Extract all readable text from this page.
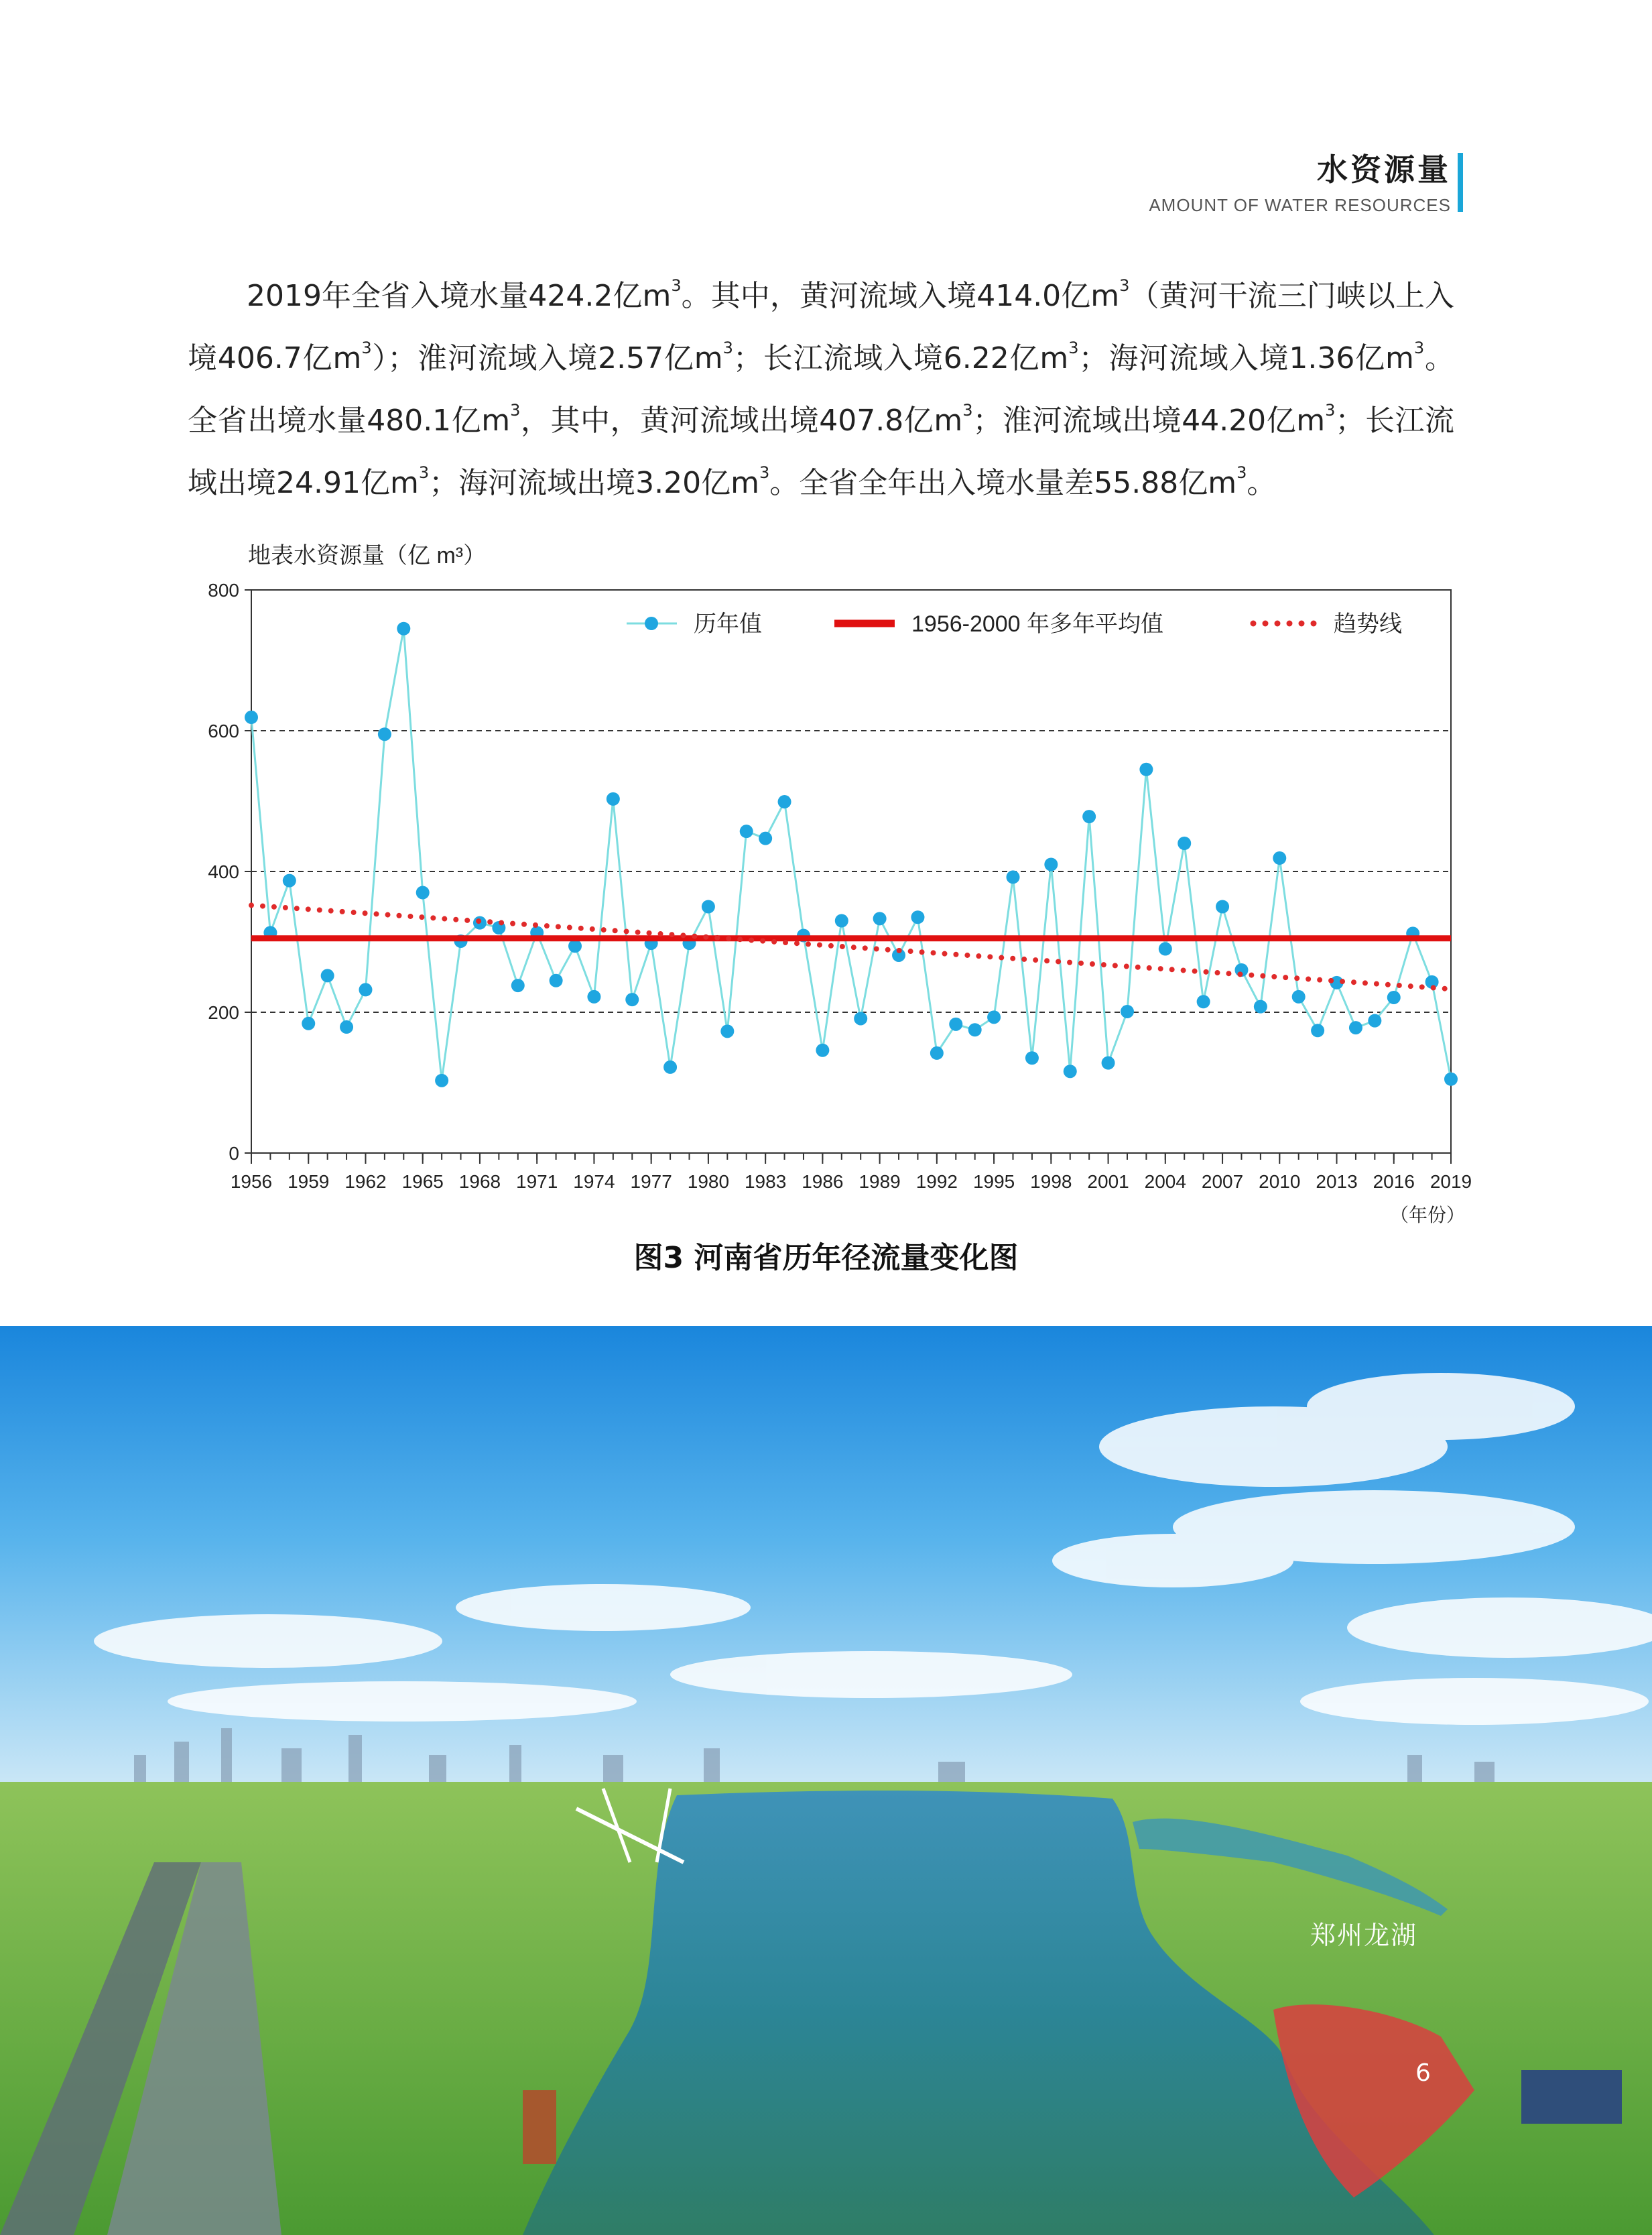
水资源量
AMOUNT OF WATER RESOURCES

2019年全省入境水量424.2亿$m^3$。其中，黄河流域入境414.0亿$m^3$（黄河干流三门峡以上入境406.7亿$m^3$）；淮河流域入境2.57亿$m^3$；长江流域入境6.22亿$m^3$；海河流域入境1.36亿$m^3$。全省出境水量480.1亿$m^3$，其中，黄河流域出境407.8亿$m^3$；淮河流域出境44.20亿$m^3$；长江流域出境24.91亿$m^3$；海河流域出境3.20亿$m^3$。全省全年出入境水量差55.88亿$m^3$。

0
200
400
600
800
1956 1959 1962 1965 1968 1971 1974 1977 1980 1983 1986 1989 1992 1995 1998 2001 2004 2007 2010 2013 2016 2019
地表水资源量（亿 m³）
（年份）
历年值	1956-2000 年多年平均值	趋势线
图3 河南省历年径流量变化图
郑州龙湖
6
